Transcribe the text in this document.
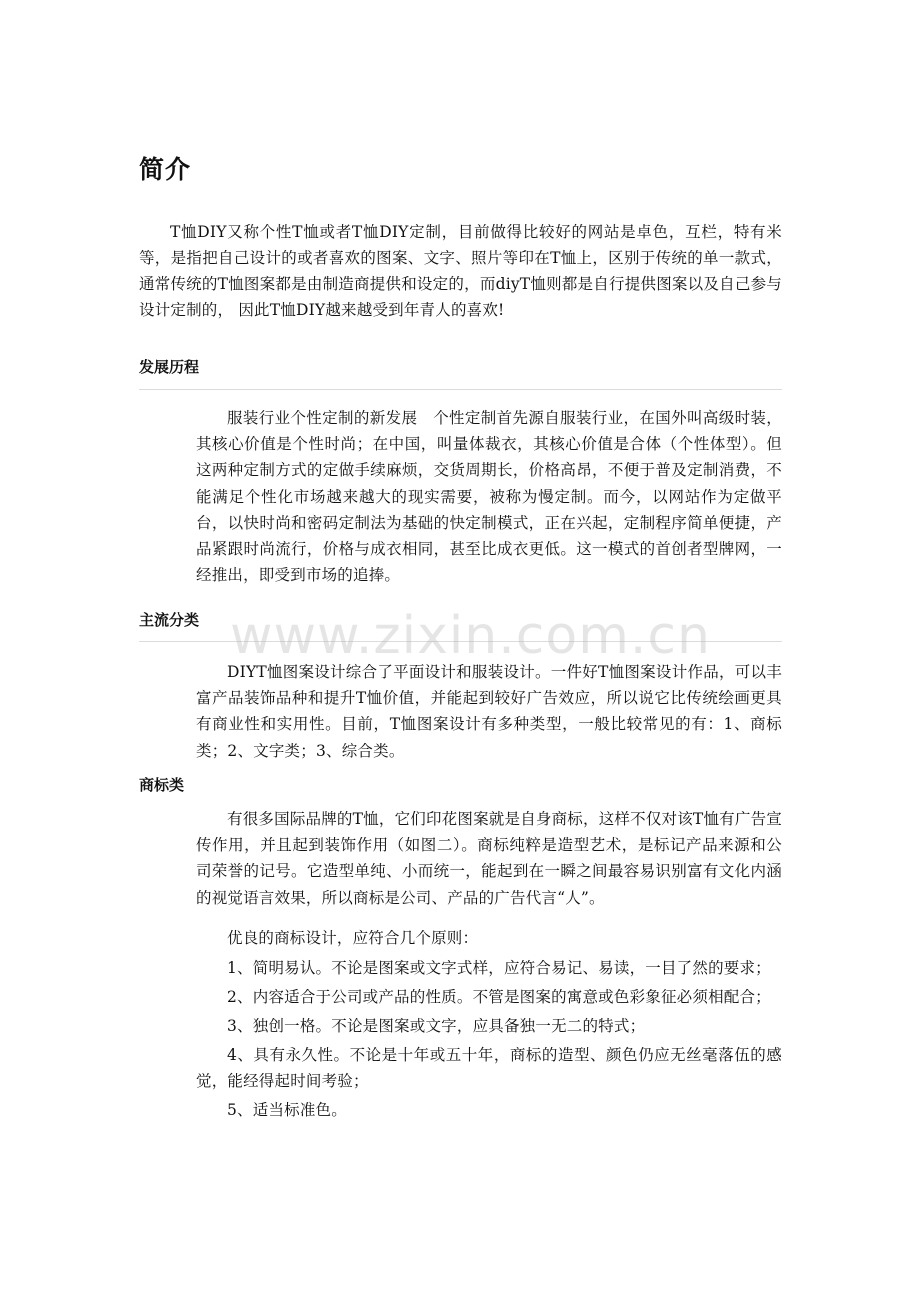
简介

T恤DIY又称个性T恤或者T恤DIY定制，目前做得比较好的网站是卓色，互栏，特有米等，是指把自己设计的或者喜欢的图案、文字、照片等印在T恤上，区别于传统的单一款式，通常传统的T恤图案都是由制造商提供和设定的，而diyT恤则都是自行提供图案以及自己参与设计定制的， 因此T恤DIY越来越受到年青人的喜欢!

发展历程

服装行业个性定制的新发展　个性定制首先源自服装行业，在国外叫高级时装，其核心价值是个性时尚；在中国，叫量体裁衣，其核心价值是合体（个性体型）。但这两种定制方式的定做手续麻烦，交货周期长，价格高昂，不便于普及定制消费，不能满足个性化市场越来越大的现实需要，被称为慢定制。而今，以网站作为定做平台，以快时尚和密码定制法为基础的快定制模式，正在兴起，定制程序简单便捷，产品紧跟时尚流行，价格与成衣相同，甚至比成衣更低。这一模式的首创者型牌网，一经推出，即受到市场的追捧。

主流分类

DIYT恤图案设计综合了平面设计和服装设计。一件好T恤图案设计作品，可以丰富产品装饰品种和提升T恤价值，并能起到较好广告效应，所以说它比传统绘画更具有商业性和实用性。目前，T恤图案设计有多种类型，一般比较常见的有：1、商标类；2、文字类；3、综合类。

商标类

有很多国际品牌的T恤，它们印花图案就是自身商标，这样不仅对该T恤有广告宣传作用，并且起到装饰作用（如图二）。商标纯粹是造型艺术，是标记产品来源和公司荣誉的记号。它造型单纯、小而统一，能起到在一瞬之间最容易识别富有文化内涵的视觉语言效果，所以商标是公司、产品的广告代言“人”。

优良的商标设计，应符合几个原则：

1、简明易认。不论是图案或文字式样，应符合易记、易读，一目了然的要求；

2、内容适合于公司或产品的性质。不管是图案的寓意或色彩象征必须相配合；

3、独创一格。不论是图案或文字，应具备独一无二的特式；

4、具有永久性。不论是十年或五十年，商标的造型、颜色仍应无丝毫落伍的感觉，能经得起时间考验；

5、适当标准色。

www.zixin.com.cn
